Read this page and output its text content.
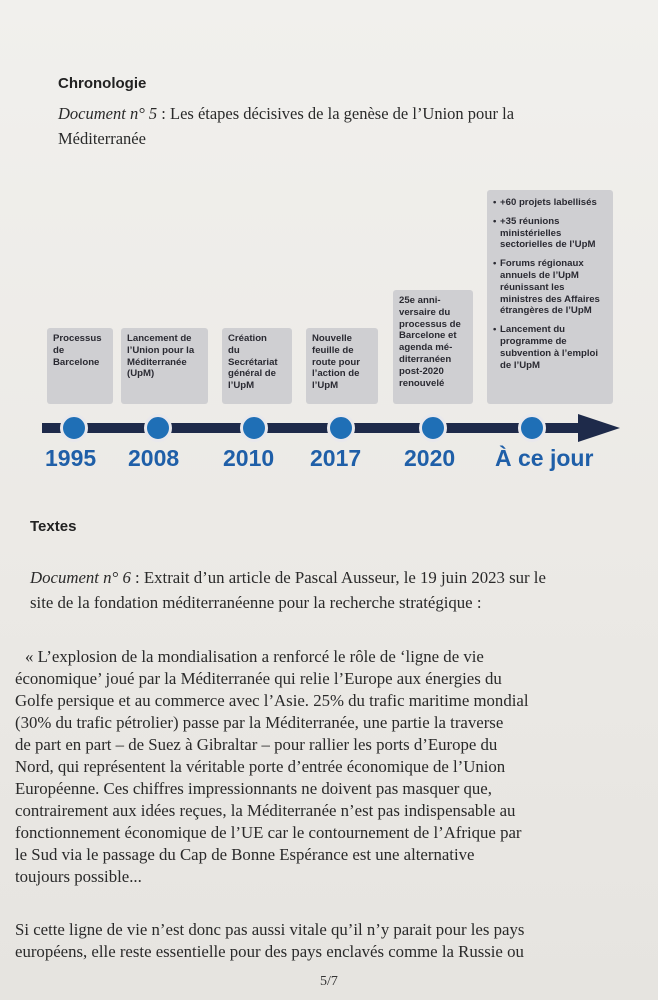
Chronologie
Document n° 5 : Les étapes décisives de la genèse de l’Union pour la
Méditerranée
Processus
de
Barcelone
Lancement de
l’Union pour la
Méditerranée
(UpM)
Création
du
Secrétariat
général de
l’UpM
Nouvelle
feuille de
route pour
l’action de
l’UpM
25e anni-
versaire du
processus de
Barcelone et
agenda mé-
diterranéen
post-2020
renouvelé
• +60 projets labellisés
• +35 réunions ministérielles sectorielles de l’UpM
• Forums régionaux annuels de l’UpM réunissant les ministres des Affaires étrangères de l’UpM
• Lancement du programme de subvention à l’emploi de l’UpM
1995 2008 2010 2017 2020 À ce jour
Textes
Document n° 6 : Extrait d’un article de Pascal Ausseur, le 19 juin 2023 sur le
site de la fondation méditerranéenne pour la recherche stratégique :
« L’explosion de la mondialisation a renforcé le rôle de ‘ligne de vie
économique’ joué par la Méditerranée qui relie l’Europe aux énergies du
Golfe persique et au commerce avec l’Asie. 25% du trafic maritime mondial
(30% du trafic pétrolier) passe par la Méditerranée, une partie la traverse
de part en part – de Suez à Gibraltar – pour rallier les ports d’Europe du
Nord, qui représentent la véritable porte d’entrée économique de l’Union
Européenne. Ces chiffres impressionnants ne doivent pas masquer que,
contrairement aux idées reçues, la Méditerranée n’est pas indispensable au
fonctionnement économique de l’UE car le contournement de l’Afrique par
le Sud via le passage du Cap de Bonne Espérance est une alternative
toujours possible...
Si cette ligne de vie n’est donc pas aussi vitale qu’il n’y parait pour les pays
européens, elle reste essentielle pour des pays enclavés comme la Russie ou
5/7
